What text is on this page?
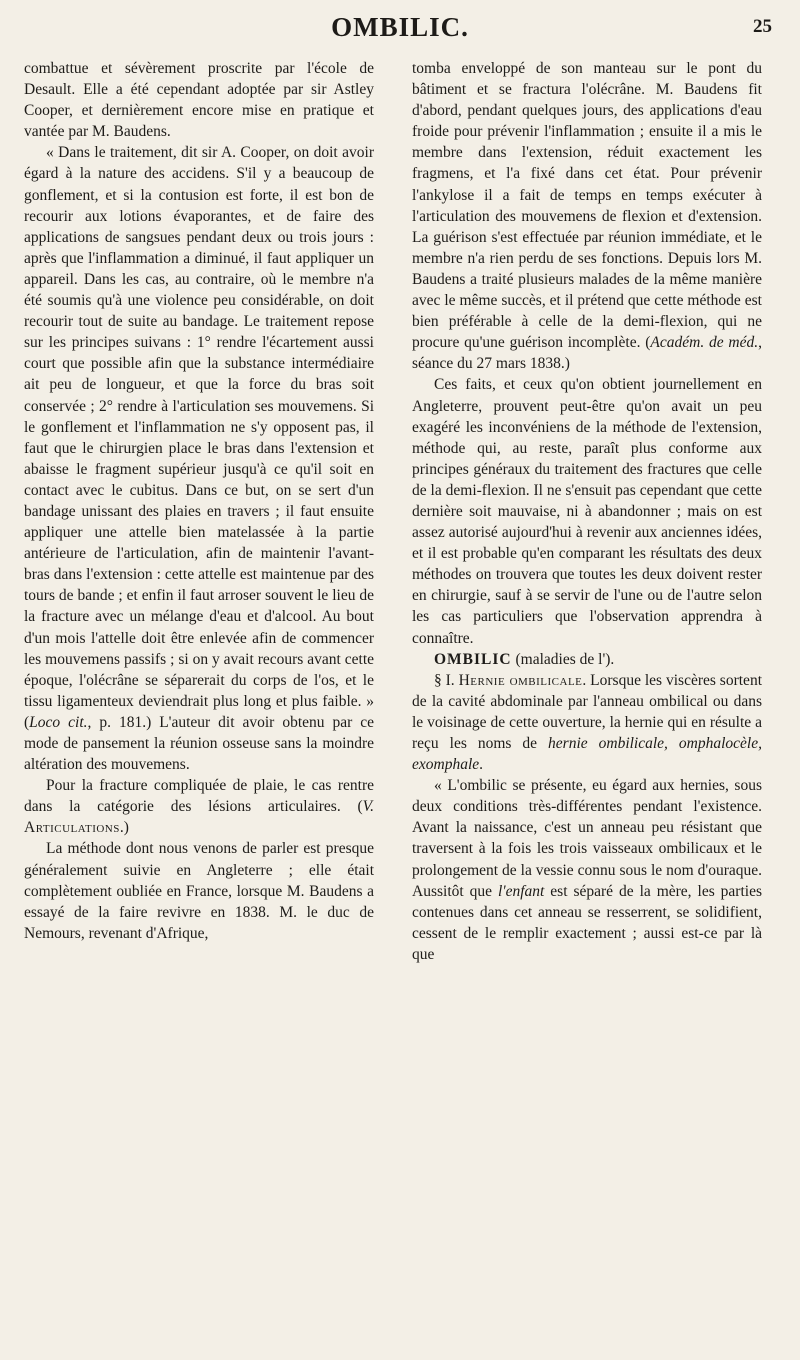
OMBILIC.	25

combattue et sévèrement proscrite par l'école de Desault. Elle a été cependant adoptée par sir Astley Cooper, et dernièrement encore mise en pratique et vantée par M. Baudens.

« Dans le traitement, dit sir A. Cooper, on doit avoir égard à la nature des accidens. S'il y a beaucoup de gonflement, et si la contusion est forte, il est bon de recourir aux lotions évaporantes, et de faire des applications de sangsues pendant deux ou trois jours : après que l'inflammation a diminué, il faut appliquer un appareil. Dans les cas, au contraire, où le membre n'a été soumis qu'à une violence peu considérable, on doit recourir tout de suite au bandage. Le traitement repose sur les principes suivans : 1° rendre l'écartement aussi court que possible afin que la substance intermédiaire ait peu de longueur, et que la force du bras soit conservée ; 2° rendre à l'articulation ses mouvemens. Si le gonflement et l'inflammation ne s'y opposent pas, il faut que le chirurgien place le bras dans l'extension et abaisse le fragment supérieur jusqu'à ce qu'il soit en contact avec le cubitus. Dans ce but, on se sert d'un bandage unissant des plaies en travers ; il faut ensuite appliquer une attelle bien matelassée à la partie antérieure de l'articulation, afin de maintenir l'avant-bras dans l'extension : cette attelle est maintenue par des tours de bande ; et enfin il faut arroser souvent le lieu de la fracture avec un mélange d'eau et d'alcool. Au bout d'un mois l'attelle doit être enlevée afin de commencer les mouvemens passifs ; si on y avait recours avant cette époque, l'olécrâne se séparerait du corps de l'os, et le tissu ligamenteux deviendrait plus long et plus faible. » (Loco cit., p. 181.) L'auteur dit avoir obtenu par ce mode de pansement la réunion osseuse sans la moindre altération des mouvemens.

Pour la fracture compliquée de plaie, le cas rentre dans la catégorie des lésions articulaires. (V. Articulations.)

La méthode dont nous venons de parler est presque généralement suivie en Angleterre ; elle était complètement oubliée en France, lorsque M. Baudens a essayé de la faire revivre en 1838. M. le duc de Nemours, revenant d'Afrique,

tomba enveloppé de son manteau sur le pont du bâtiment et se fractura l'olécrâne. M. Baudens fit d'abord, pendant quelques jours, des applications d'eau froide pour prévenir l'inflammation ; ensuite il a mis le membre dans l'extension, réduit exactement les fragmens, et l'a fixé dans cet état. Pour prévenir l'ankylose il a fait de temps en temps exécuter à l'articulation des mouvemens de flexion et d'extension. La guérison s'est effectuée par réunion immédiate, et le membre n'a rien perdu de ses fonctions. Depuis lors M. Baudens a traité plusieurs malades de la même manière avec le même succès, et il prétend que cette méthode est bien préférable à celle de la demi-flexion, qui ne procure qu'une guérison incomplète. (Académ. de méd., séance du 27 mars 1838.)

Ces faits, et ceux qu'on obtient journellement en Angleterre, prouvent peut-être qu'on avait un peu exagéré les inconvéniens de la méthode de l'extension, méthode qui, au reste, paraît plus conforme aux principes généraux du traitement des fractures que celle de la demi-flexion. Il ne s'ensuit pas cependant que cette dernière soit mauvaise, ni à abandonner ; mais on est assez autorisé aujourd'hui à revenir aux anciennes idées, et il est probable qu'en comparant les résultats des deux méthodes on trouvera que toutes les deux doivent rester en chirurgie, sauf à se servir de l'une ou de l'autre selon les cas particuliers que l'observation apprendra à connaître.

OMBILIC (maladies de l').

§ I. Hernie ombilicale. Lorsque les viscères sortent de la cavité abdominale par l'anneau ombilical ou dans le voisinage de cette ouverture, la hernie qui en résulte a reçu les noms de hernie ombilicale, omphalocèle, exomphale.

« L'ombilic se présente, eu égard aux hernies, sous deux conditions très-différentes pendant l'existence. Avant la naissance, c'est un anneau peu résistant que traversent à la fois les trois vaisseaux ombilicaux et le prolongement de la vessie connu sous le nom d'ouraque. Aussitôt que l'enfant est séparé de la mère, les parties contenues dans cet anneau se resserrent, se solidifient, cessent de le remplir exactement ; aussi est-ce par là que
